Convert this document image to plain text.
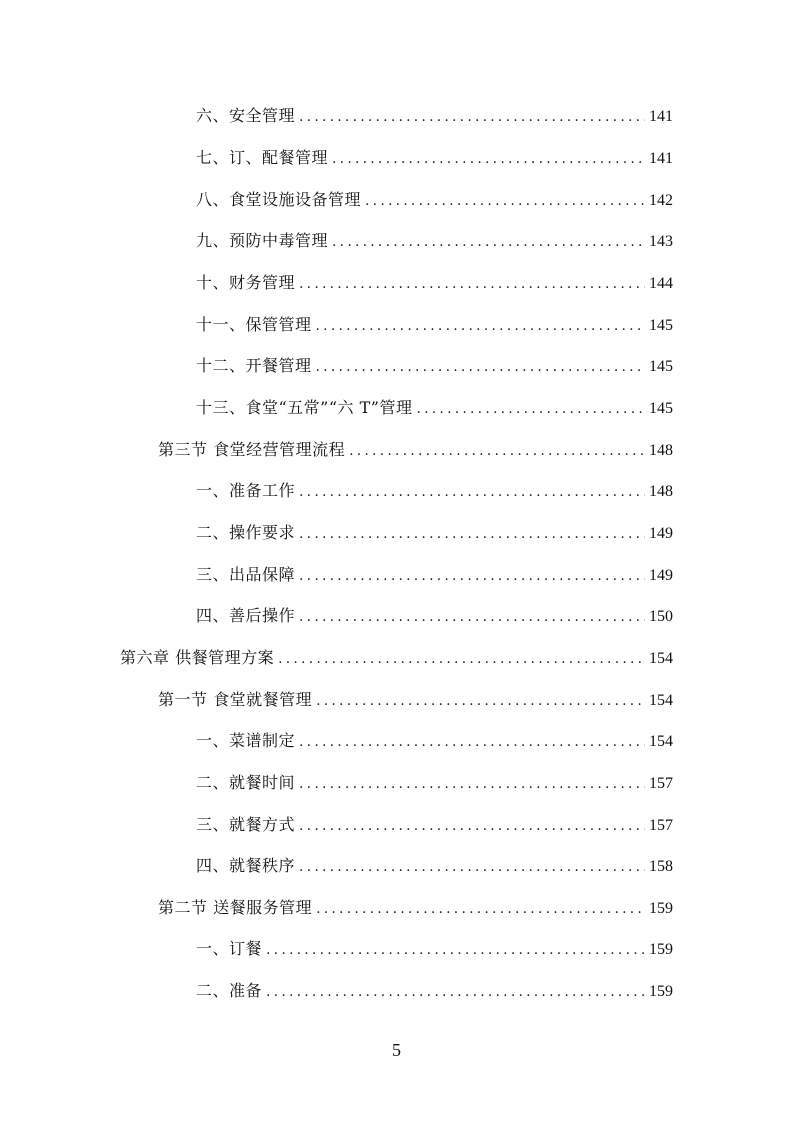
六、安全管理 .....	141
七、订、配餐管理 .....	141
八、食堂设施设备管理 .....	142
九、预防中毒管理 .....	143
十、财务管理 .....	144
十一、保管管理 .....	145
十二、开餐管理 .....	145
十三、食堂“五常”“六 T”管理 .....	145
第三节 食堂经营管理流程 .....	148
一、准备工作 .....	148
二、操作要求 .....	149
三、出品保障 .....	149
四、善后操作 .....	150
第六章 供餐管理方案 .....	154
第一节 食堂就餐管理 .....	154
一、菜谱制定 .....	154
二、就餐时间 .....	157
三、就餐方式 .....	157
四、就餐秩序 .....	158
第二节 送餐服务管理 .....	159
一、订餐 .....	159
二、准备 .....	159
5
